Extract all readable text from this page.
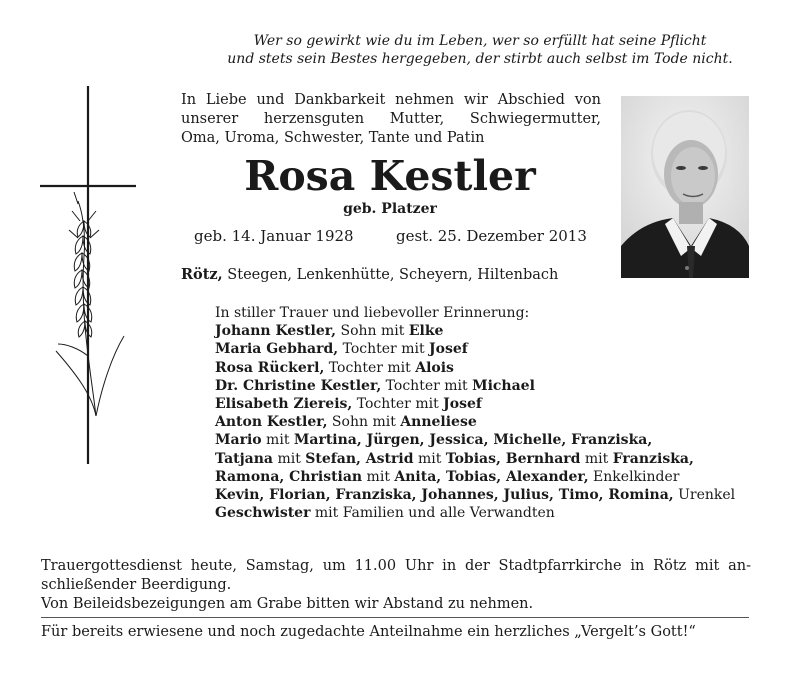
Wer so gewirkt wie du im Leben, wer so erfüllt hat seine Pflicht
und stets sein Bestes hergegeben, der stirbt auch selbst im Tode nicht.
In Liebe und Dankbarkeit nehmen wir Abschied von
unserer herzensguten Mutter, Schwiegermutter,
Oma, Uroma, Schwester, Tante und Patin
Rosa Kestler
geb. Platzer
geb. 14. Januar 1928	gest. 25. Dezember 2013
Rötz, Steegen, Lenkenhütte, Scheyern, Hiltenbach
In stiller Trauer und liebevoller Erinnerung:
Johann Kestler, Sohn mit Elke
Maria Gebhard, Tochter mit Josef
Rosa Rückerl, Tochter mit Alois
Dr. Christine Kestler, Tochter mit Michael
Elisabeth Ziereis, Tochter mit Josef
Anton Kestler, Sohn mit Anneliese
Mario mit Martina, Jürgen, Jessica, Michelle, Franziska,
Tatjana mit Stefan, Astrid mit Tobias, Bernhard mit Franziska,
Ramona, Christian mit Anita, Tobias, Alexander, Enkelkinder
Kevin, Florian, Franziska, Johannes, Julius, Timo, Romina, Urenkel
Geschwister mit Familien und alle Verwandten
Trauergottesdienst heute, Samstag, um 11.00 Uhr in der Stadtpfarrkirche in Rötz mit an-
schließender Beerdigung.
Von Beileidsbezeigungen am Grabe bitten wir Abstand zu nehmen.
Für bereits erwiesene und noch zugedachte Anteilnahme ein herzliches „Vergelt’s Gott!“
